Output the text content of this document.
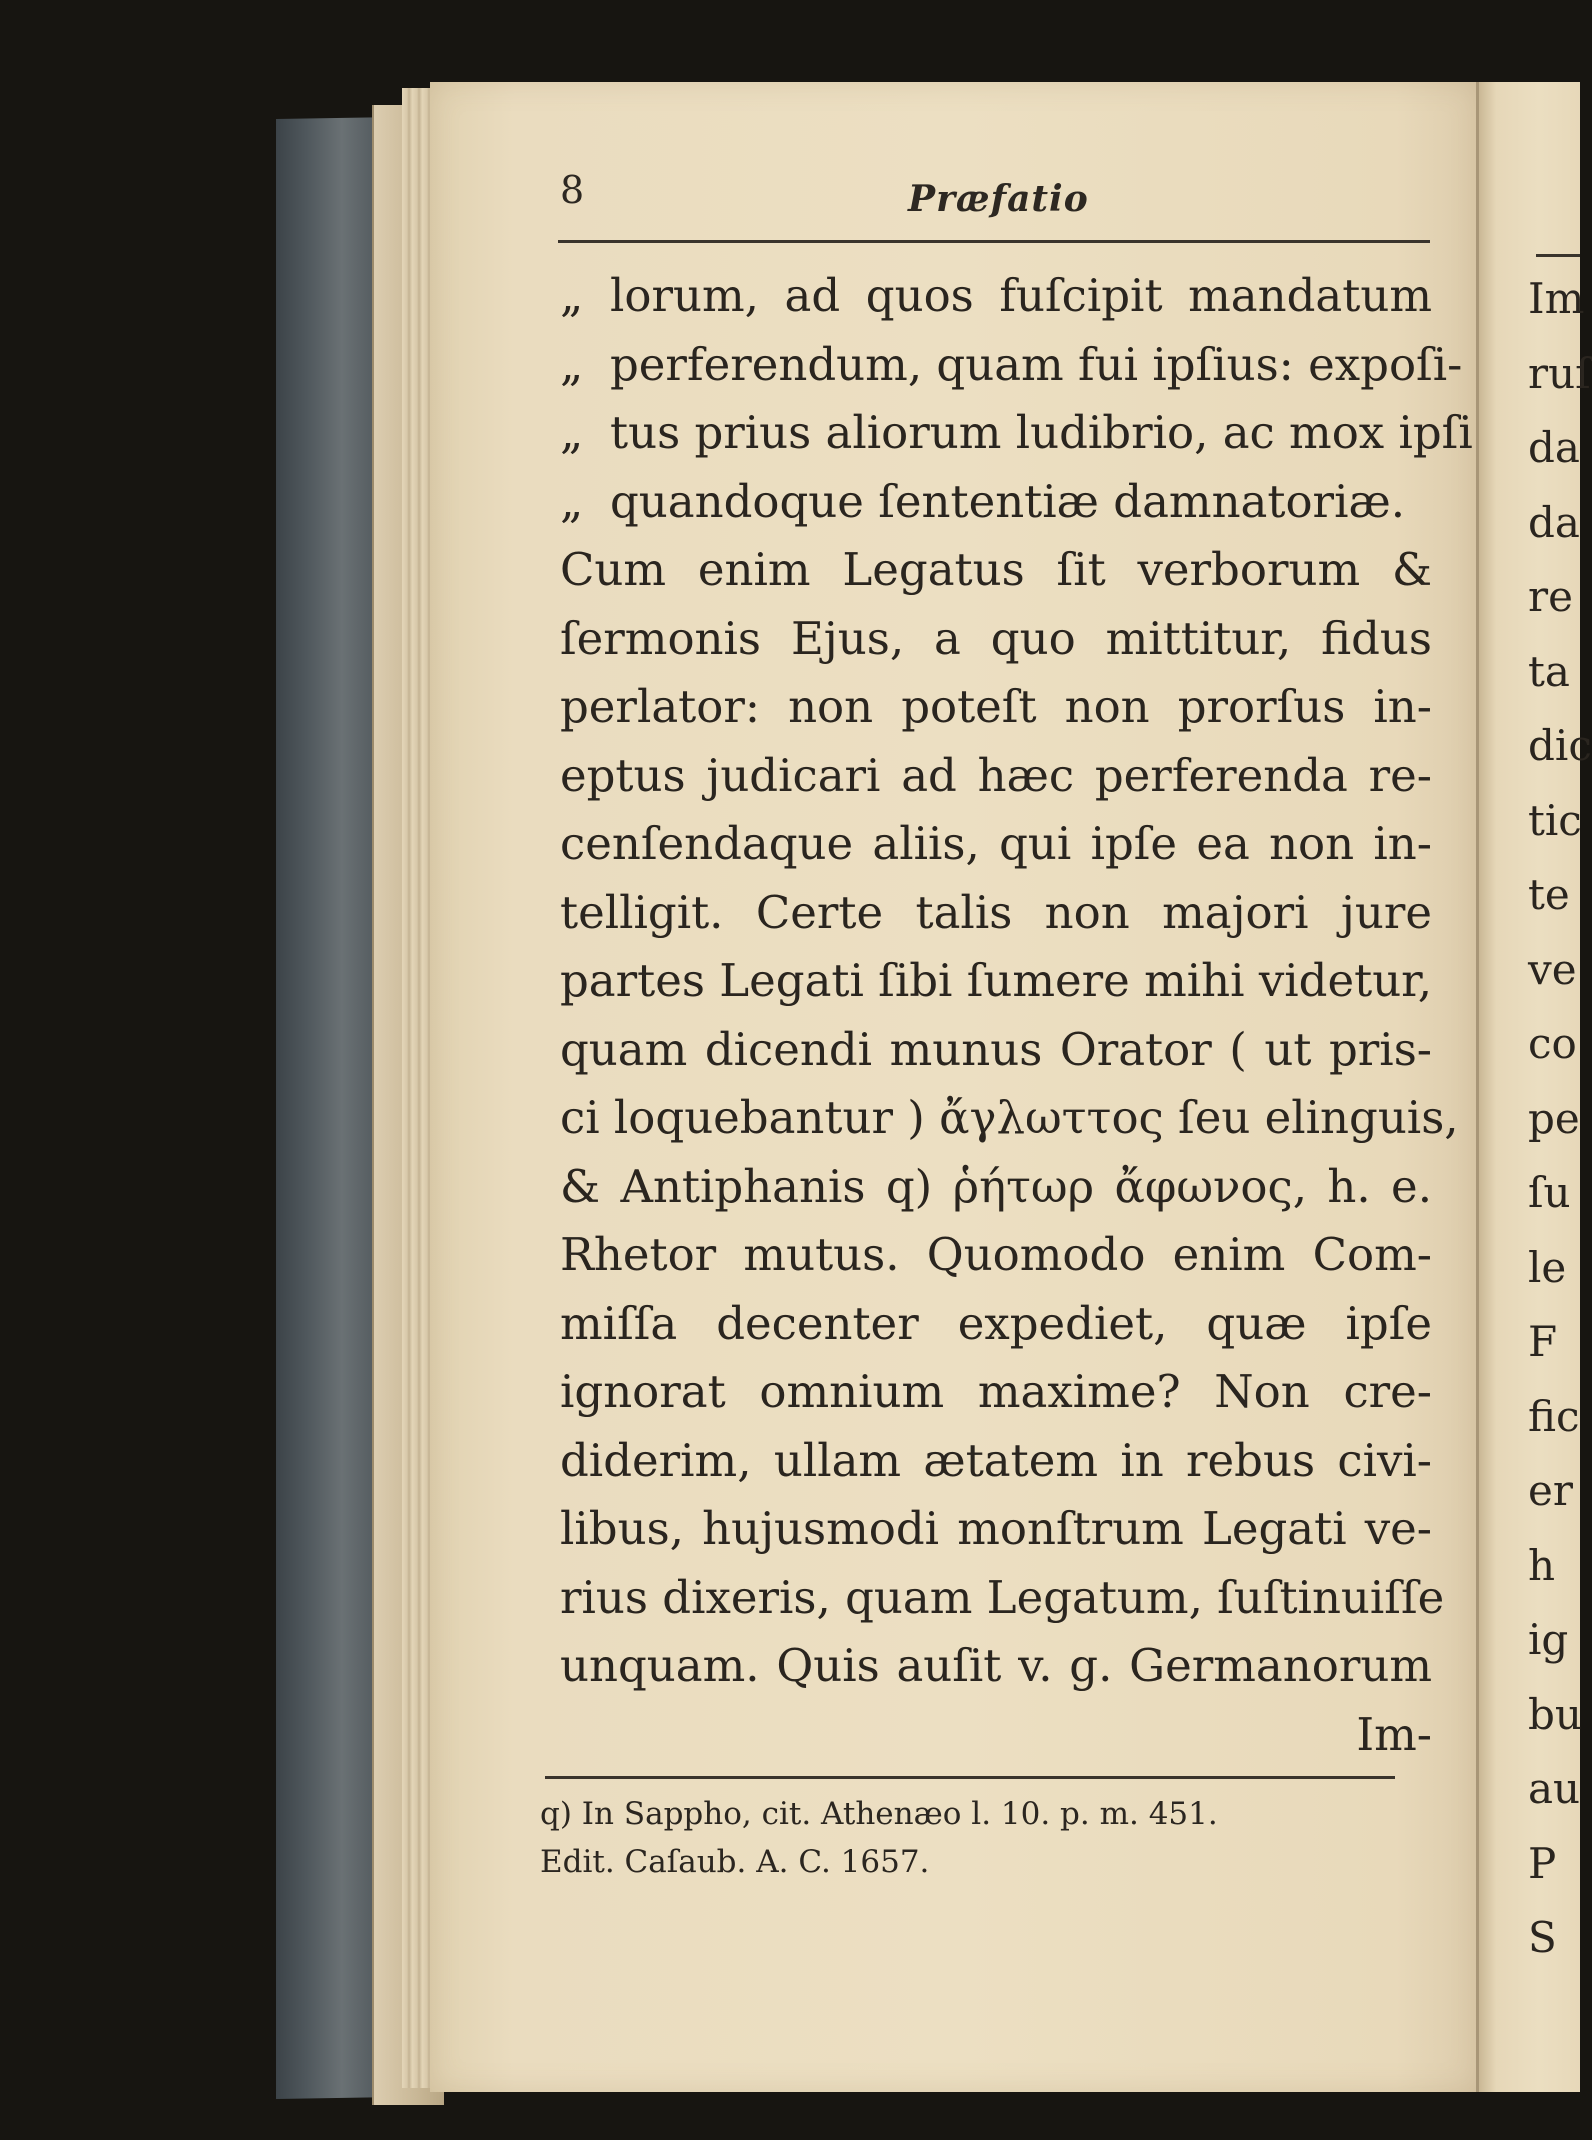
8	Præfatio
„ lorum, ad quos fuſcipit mandatum
„ perferendum, quam fui ipſius: expoſi-
„ tus prius aliorum ludibrio, ac mox ipſi
„ quandoque ſententiæ damnatoriæ.
Cum enim Legatus ſit verborum &
ſermonis Ejus, a quo mittitur, fidus
perlator: non poteſt non prorſus in-
eptus judicari ad hæc perferenda re-
cenſendaque aliis, qui ipſe ea non in-
telligit. Certe talis non majori jure
partes Legati ſibi ſumere mihi videtur,
quam dicendi munus Orator ( ut pris-
ci loquebantur ) ἄγλωττος ſeu elinguis,
& Antiphanis q) ῥήτωρ ἄφωνος, h. e.
Rhetor mutus. Quomodo enim Com-
miſſa decenter expediet, quæ ipſe
ignorat omnium maxime? Non cre-
diderim, ullam ætatem in rebus civi-
libus, hujusmodi monſtrum Legati ve-
rius dixeris, quam Legatum, ſuſtinuiſſe
unquam. Quis auſit v. g. Germanorum
Im-
q) In Sappho, cit. Athenæo l. 10. p. m. 451.
Edit. Caſaub. A. C. 1657.
Im
ruſ
da
da
re
ta
dic
tic
te
ve
co
pe
ſu
le
F
fic
er
h
ig
bu
au
P
S
